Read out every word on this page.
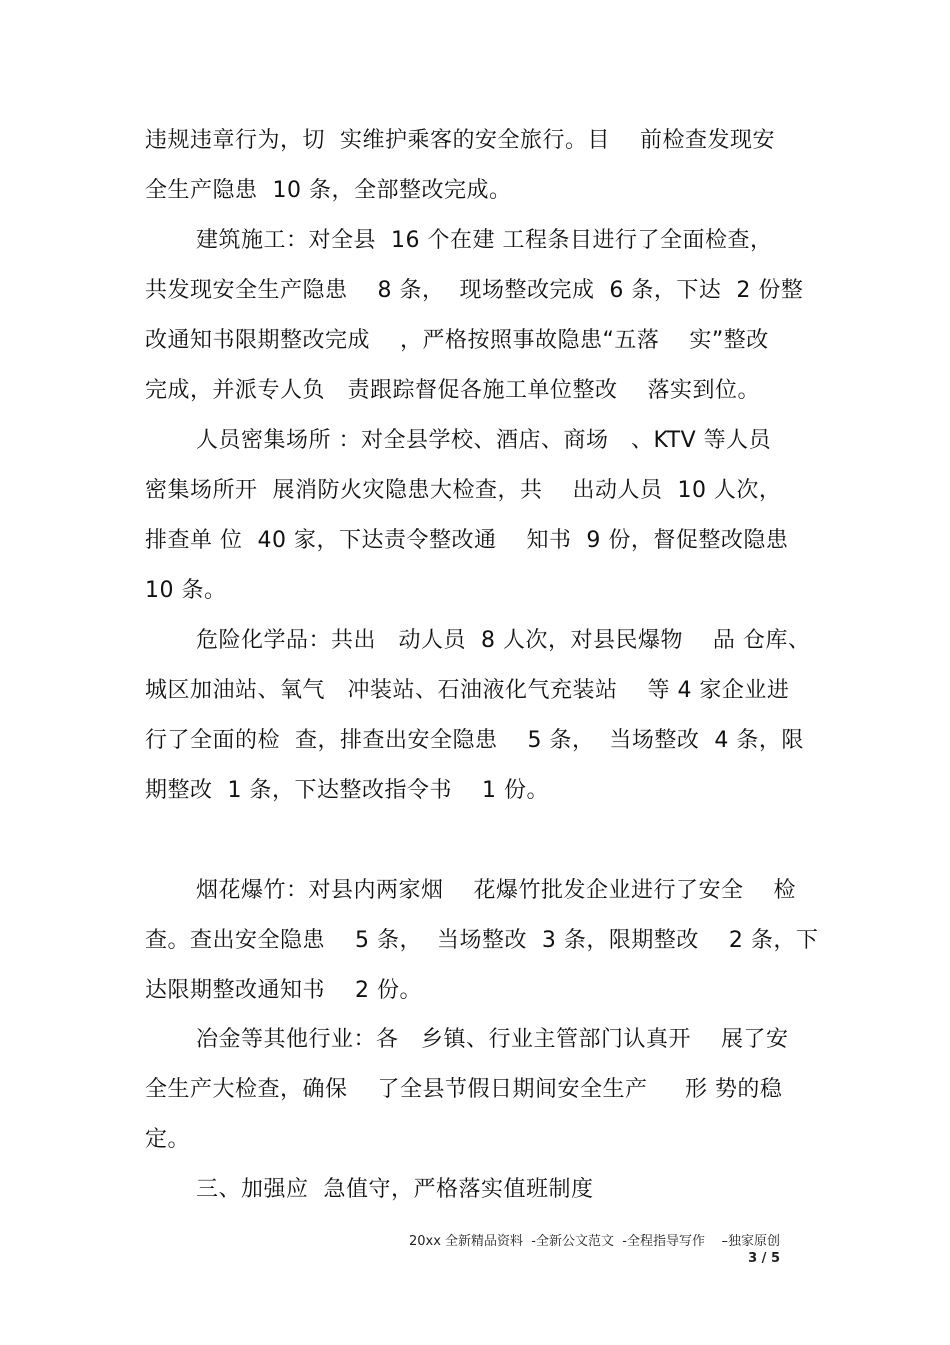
违规违章行为，切  实维护乘客的安全旅行。目    前检查发现安
全生产隐患  10 条，全部整改完成。
建筑施工：对全县  16 个在建 工程条目进行了全面检查，
共发现安全生产隐患    8 条，  现场整改完成  6 条，下达  2 份整
改通知书限期整改完成    ，严格按照事故隐患“五落    实”整改
完成，并派专人负   责跟踪督促各施工单位整改    落实到位。
人员密集场所 ：对全县学校、酒店、商场   、KTV 等人员
密集场所开  展消防火灾隐患大检查，共    出动人员  10 人次，
排查单 位  40 家，下达责令整改通    知书  9 份，督促整改隐患
10 条。
危险化学品：共出   动人员  8 人次，对县民爆物    品 仓库、
城区加油站、氧气   冲装站、石油液化气充装站    等 4 家企业进
行了全面的检  查，排查出安全隐患    5 条，  当场整改  4 条，限
期整改  1 条，下达整改指令书    1 份。
烟花爆竹：对县内两家烟    花爆竹批发企业进行了安全    检
查。查出安全隐患    5 条，  当场整改  3 条，限期整改    2 条，下
达限期整改通知书    2 份。
冶金等其他行业：各   乡镇、行业主管部门认真开    展了安
全生产大检查，确保    了全县节假日期间安全生产     形 势的稳
定。
三、加强应  急值守，严格落实值班制度
20xx 全新精品资料  -全新公文范文  -全程指导写作    –独家原创
3 / 5
